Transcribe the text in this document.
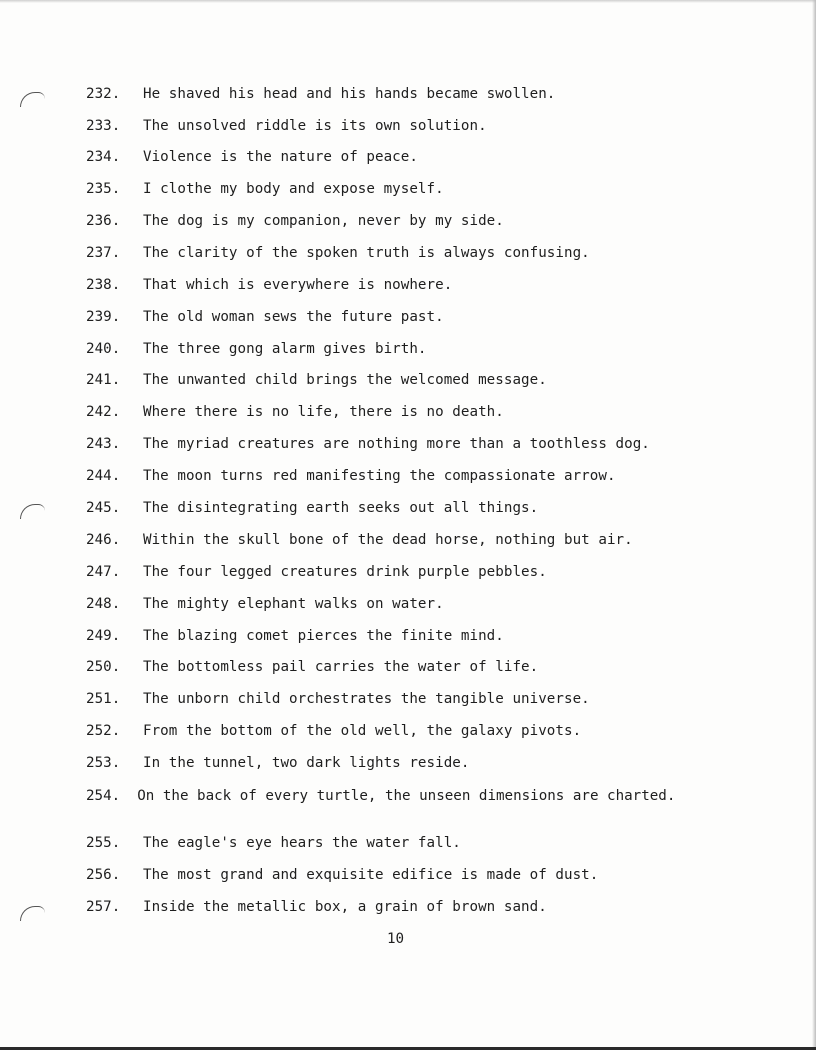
232. He shaved his head and his hands became swollen.
233. The unsolved riddle is its own solution.
234. Violence is the nature of peace.
235. I clothe my body and expose myself.
236. The dog is my companion, never by my side.
237. The clarity of the spoken truth is always confusing.
238. That which is everywhere is nowhere.
239. The old woman sews the future past.
240. The three gong alarm gives birth.
241. The unwanted child brings the welcomed message.
242. Where there is no life, there is no death.
243. The myriad creatures are nothing more than a toothless dog.
244. The moon turns red manifesting the compassionate arrow.
245. The disintegrating earth seeks out all things.
246. Within the skull bone of the dead horse, nothing but air.
247. The four legged creatures drink purple pebbles.
248. The mighty elephant walks on water.
249. The blazing comet pierces the finite mind.
250. The bottomless pail carries the water of life.
251. The unborn child orchestrates the tangible universe.
252. From the bottom of the old well, the galaxy pivots.
253. In the tunnel, two dark lights reside.
254. On the back of every turtle, the unseen dimensions are charted.
255. The eagle's eye hears the water fall.
256. The most grand and exquisite edifice is made of dust.
257. Inside the metallic box, a grain of brown sand.
10
